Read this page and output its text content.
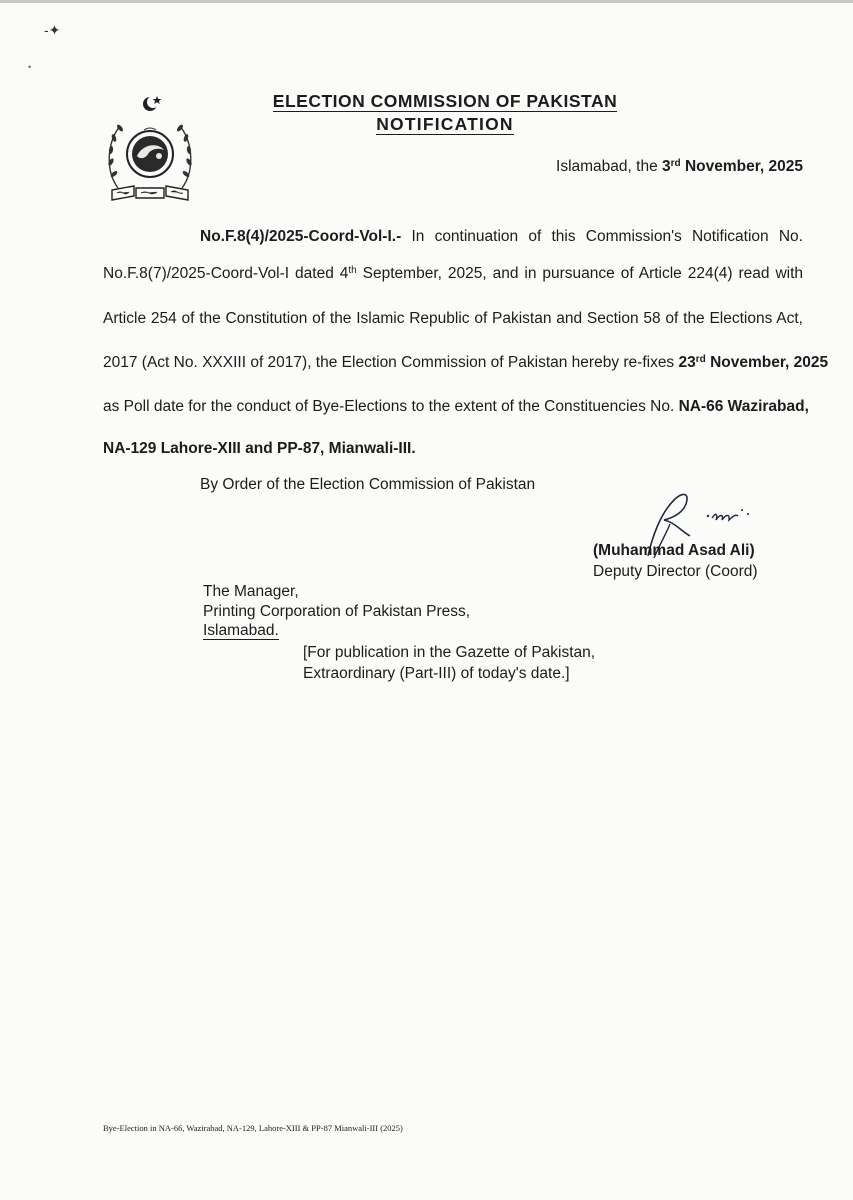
-✦
•
ELECTION COMMISSION OF PAKISTAN
NOTIFICATION
Islamabad, the 3rd November, 2025
No.F.8(4)/2025-Coord-Vol-I.- In continuation of this Commission's Notification No.
No.F.8(7)/2025-Coord-Vol-I dated 4th September, 2025, and in pursuance of Article 224(4) read with
Article 254 of the Constitution of the Islamic Republic of Pakistan and Section 58 of the Elections Act,
2017 (Act No. XXXIII of 2017), the Election Commission of Pakistan hereby re-fixes 23rd November, 2025
as Poll date for the conduct of Bye-Elections to the extent of the Constituencies No. NA-66 Wazirabad,
NA-129 Lahore-XIII and PP-87, Mianwali-III.
By Order of the Election Commission of Pakistan
(Muhammad Asad Ali)
Deputy Director (Coord)
The Manager,
Printing Corporation of Pakistan Press,
Islamabad.
[For publication in the Gazette of Pakistan,
Extraordinary (Part-III) of today's date.]
Bye-Election in NA-66, Wazirabad, NA-129, Lahore-XIII & PP-87 Mianwali-III (2025)
